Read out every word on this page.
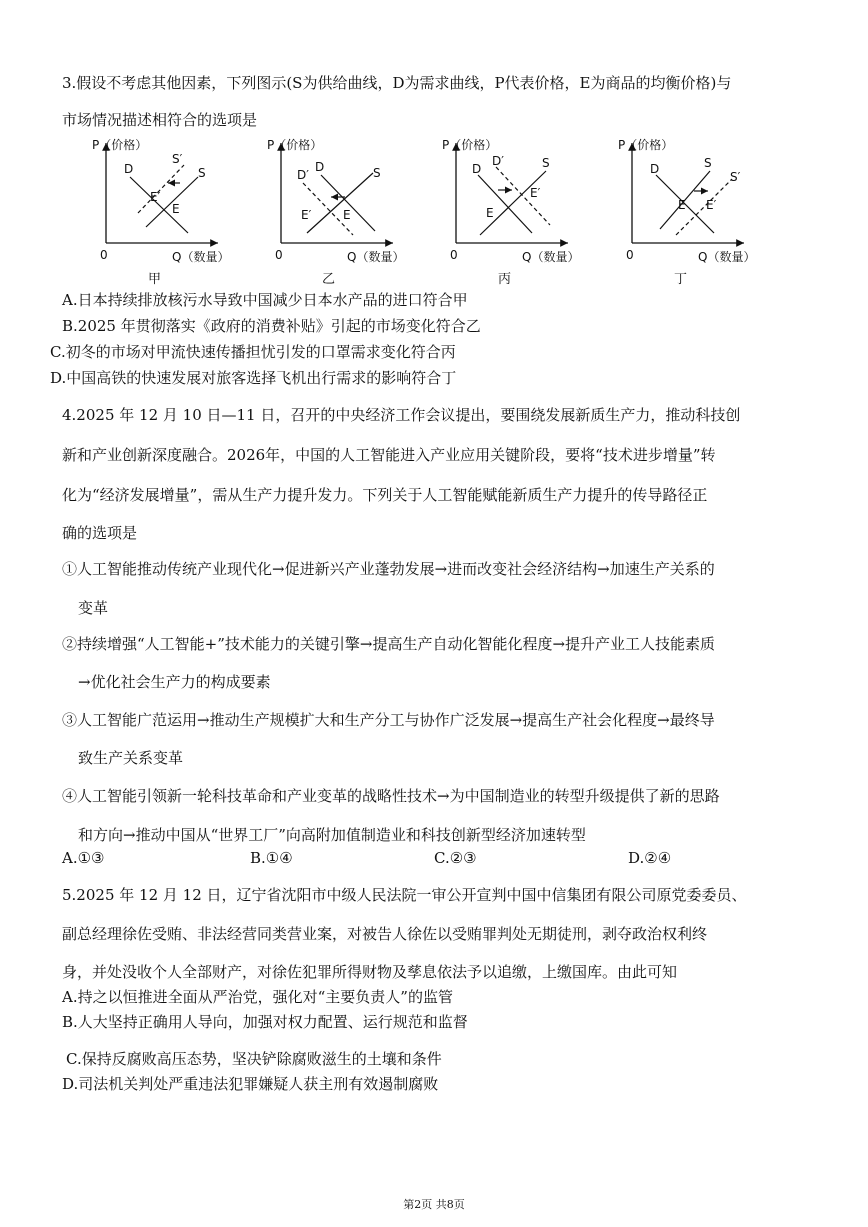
3.假设不考虑其他因素，下列图示(S为供给曲线，D为需求曲线，P代表价格，E为商品的均衡价格)与
市场情况描述相符合的选项是
P（价格）
Q（数量）
0
D
S′
S
E′
E
甲
P（价格）
Q（数量）
0
D′
D	S
E′	E
乙
P（价格）
Q（数量）
0
D
D′	S
E′
E
丙
P（价格）
Q（数量）
0
D	S
S′
E E′
丁
A.日本持续排放核污水导致中国减少日本水产品的进口符合甲
B.2025 年贯彻落实《政府的消费补贴》引起的市场变化符合乙
C.初冬的市场对甲流快速传播担忧引发的口罩需求变化符合丙
D.中国高铁的快速发展对旅客选择飞机出行需求的影响符合丁
4.2025 年 12 月 10 日—11 日，召开的中央经济工作会议提出，要围绕发展新质生产力，推动科技创
新和产业创新深度融合。2026年，中国的人工智能进入产业应用关键阶段，要将“技术进步增量”转
化为“经济发展增量”，需从生产力提升发力。下列关于人工智能赋能新质生产力提升的传导路径正
确的选项是
①人工智能推动传统产业现代化→促进新兴产业蓬勃发展→进而改变社会经济结构→加速生产关系的
变革
②持续增强“人工智能+”技术能力的关键引擎→提高生产自动化智能化程度→提升产业工人技能素质
→优化社会生产力的构成要素
③人工智能广范运用→推动生产规模扩大和生产分工与协作广泛发展→提高生产社会化程度→最终导
致生产关系变革
④人工智能引领新一轮科技革命和产业变革的战略性技术→为中国制造业的转型升级提供了新的思路
和方向→推动中国从“世界工厂”向高附加值制造业和科技创新型经济加速转型
A.①③	B.①④	C.②③	D.②④
5.2025 年 12 月 12 日，辽宁省沈阳市中级人民法院一审公开宣判中国中信集团有限公司原党委委员、
副总经理徐佐受贿、非法经营同类营业案，对被告人徐佐以受贿罪判处无期徒刑，剥夺政治权利终
身，并处没收个人全部财产，对徐佐犯罪所得财物及孳息依法予以追缴，上缴国库。由此可知
A.持之以恒推进全面从严治党，强化对“主要负责人”的监管
B.人大坚持正确用人导向，加强对权力配置、运行规范和监督
C.保持反腐败高压态势，坚决铲除腐败滋生的土壤和条件
D.司法机关判处严重违法犯罪嫌疑人获主刑有效遏制腐败
第2页 共8页
